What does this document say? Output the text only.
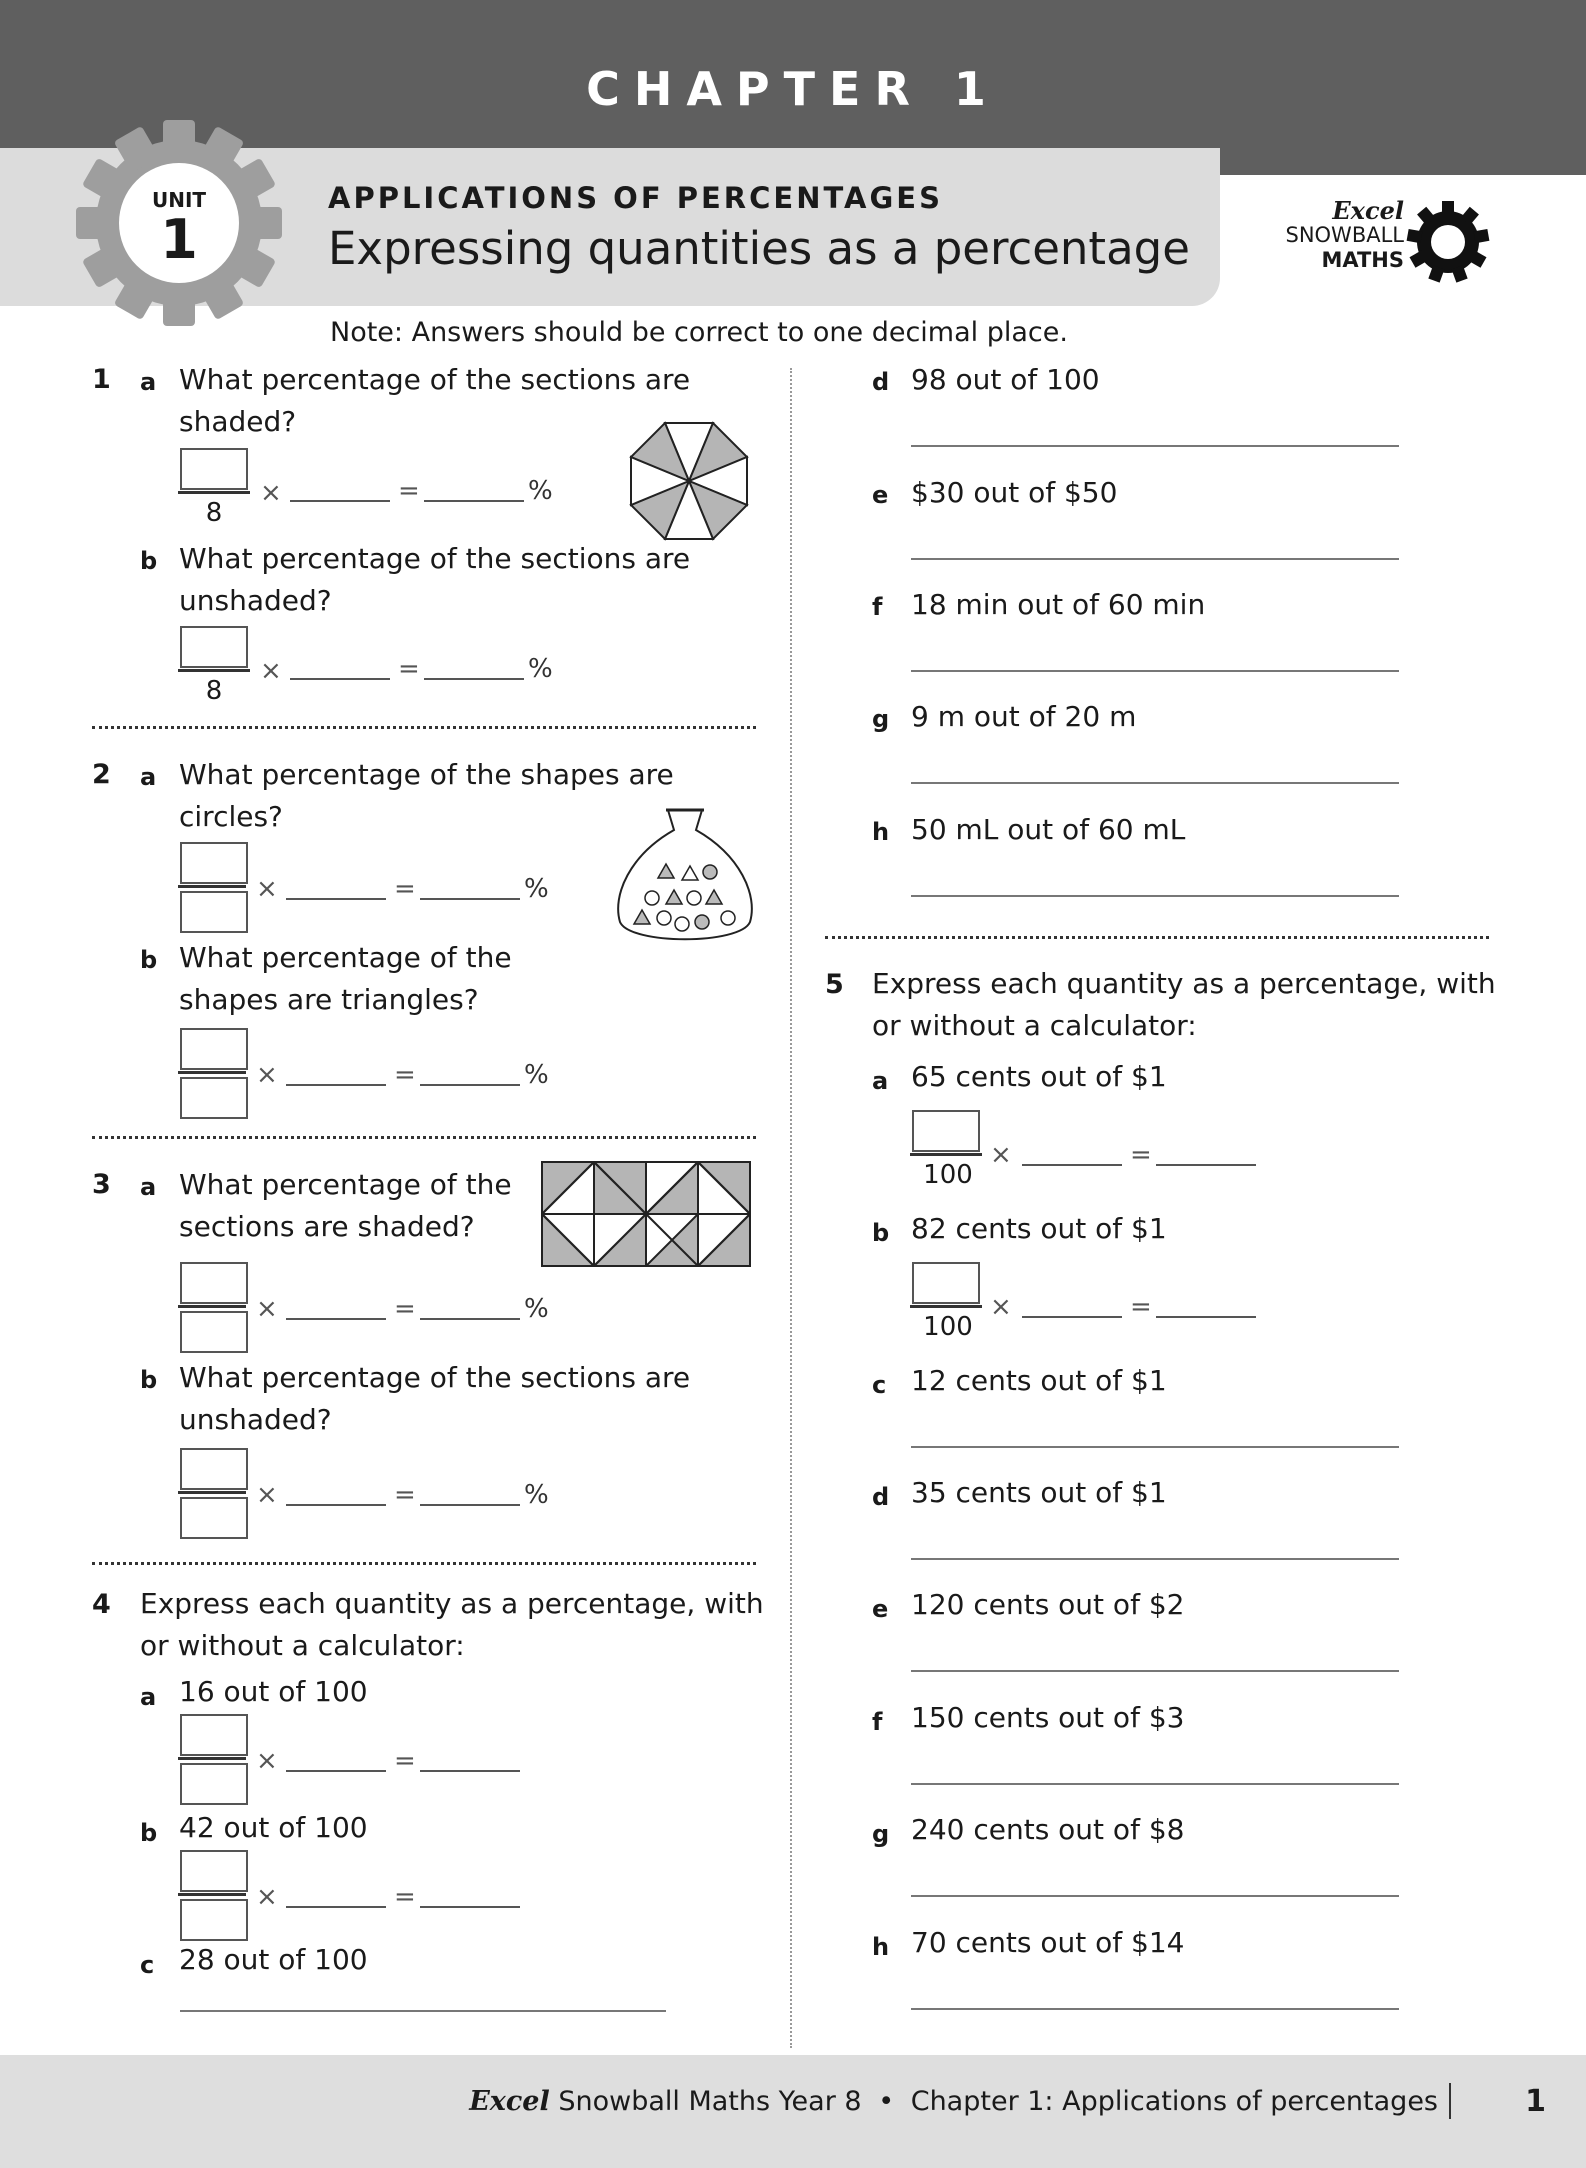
CHAPTER 1
UNIT
1
APPLICATIONS OF PERCENTAGES
Expressing quantities as a percentage
Excel
SNOWBALL
MATHS
Note: Answers should be correct to one decimal place.
1 a What percentage of the sections are
shaded?
8
×	=	%
b What percentage of the sections are
unshaded?
8
×	=	%
2 a What percentage of the shapes are
circles?
×	=	%
b What percentage of the
shapes are triangles?
×	=	%
3 a What percentage of the
sections are shaded?
×	=	%
b What percentage of the sections are
unshaded?
×	=	%
4 Express each quantity as a percentage, with
or without a calculator:
a 16 out of 100
×	=
b 42 out of 100
×	=
c 28 out of 100
d 98 out of 100
e $30 out of $50
f 18 min out of 60 min
g 9 m out of 20 m
h 50 mL out of 60 mL
5 Express each quantity as a percentage, with
or without a calculator:
a 65 cents out of $1
100
×	=
b 82 cents out of $1
100
×	=
c 12 cents out of $1
d 35 cents out of $1
e 120 cents out of $2
f 150 cents out of $3
g 240 cents out of $8
h 70 cents out of $14
Excel Snowball Maths Year 8 • Chapter 1: Applications of percentages	1
